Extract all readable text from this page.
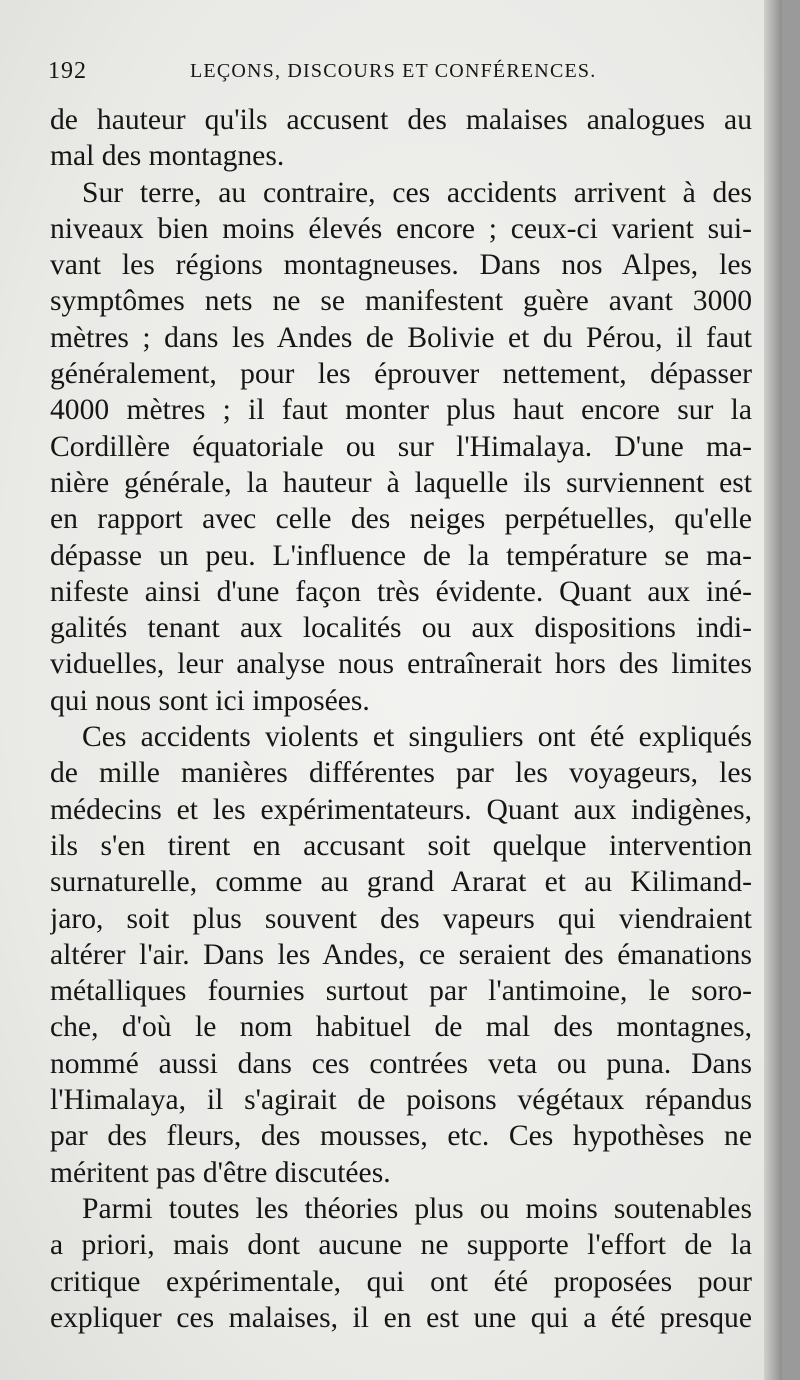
192	LEÇONS, DISCOURS ET CONFÉRENCES.
de hauteur qu'ils accusent des malaises analogues au
mal des montagnes.
Sur terre, au contraire, ces accidents arrivent à des
niveaux bien moins élevés encore ; ceux-ci varient sui-
vant les régions montagneuses. Dans nos Alpes, les
symptômes nets ne se manifestent guère avant 3000
mètres ; dans les Andes de Bolivie et du Pérou, il faut
généralement, pour les éprouver nettement, dépasser
4000 mètres ; il faut monter plus haut encore sur la
Cordillère équatoriale ou sur l'Himalaya. D'une ma-
nière générale, la hauteur à laquelle ils surviennent est
en rapport avec celle des neiges perpétuelles, qu'elle
dépasse un peu. L'influence de la température se ma-
nifeste ainsi d'une façon très évidente. Quant aux iné-
galités tenant aux localités ou aux dispositions indi-
viduelles, leur analyse nous entraînerait hors des limites
qui nous sont ici imposées.
Ces accidents violents et singuliers ont été expliqués
de mille manières différentes par les voyageurs, les
médecins et les expérimentateurs. Quant aux indigènes,
ils s'en tirent en accusant soit quelque intervention
surnaturelle, comme au grand Ararat et au Kilimand-
jaro, soit plus souvent des vapeurs qui viendraient
altérer l'air. Dans les Andes, ce seraient des émanations
métalliques fournies surtout par l'antimoine, le soro-
che, d'où le nom habituel de mal des montagnes,
nommé aussi dans ces contrées veta ou puna. Dans
l'Himalaya, il s'agirait de poisons végétaux répandus
par des fleurs, des mousses, etc. Ces hypothèses ne
méritent pas d'être discutées.
Parmi toutes les théories plus ou moins soutenables
a priori, mais dont aucune ne supporte l'effort de la
critique expérimentale, qui ont été proposées pour
expliquer ces malaises, il en est une qui a été presque
